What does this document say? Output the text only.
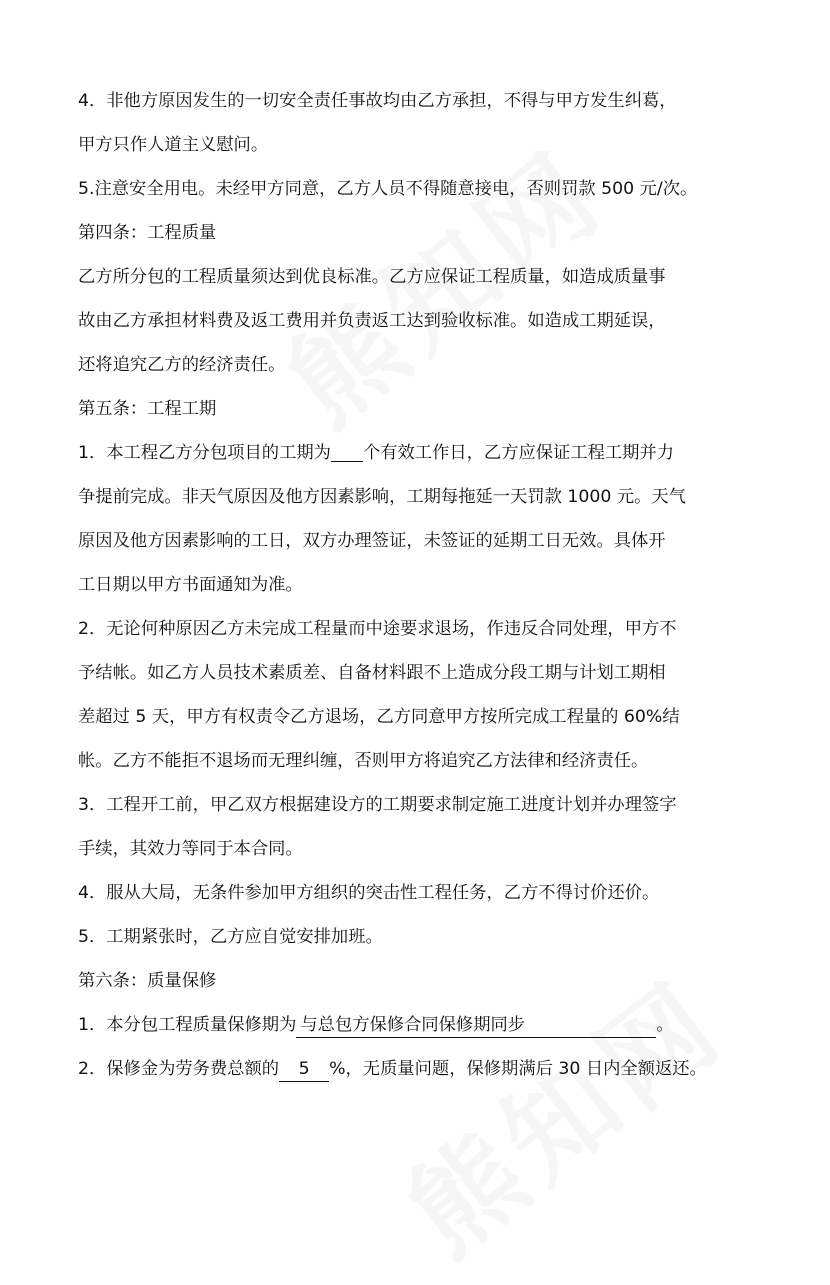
4．非他方原因发生的一切安全责任事故均由乙方承担，不得与甲方发生纠葛，
甲方只作人道主义慰问。
5.注意安全用电。未经甲方同意，乙方人员不得随意接电，否则罚款 500 元/次。
第四条：工程质量
乙方所分包的工程质量须达到优良标准。乙方应保证工程质量，如造成质量事
故由乙方承担材料费及返工费用并负责返工达到验收标准。如造成工期延误，
还将追究乙方的经济责任。
第五条：工程工期
1．本工程乙方分包项目的工期为 个有效工作日，乙方应保证工程工期并力
争提前完成。非天气原因及他方因素影响，工期每拖延一天罚款 1000 元。天气
原因及他方因素影响的工日，双方办理签证，未签证的延期工日无效。具体开
工日期以甲方书面通知为准。
2．无论何种原因乙方未完成工程量而中途要求退场，作违反合同处理，甲方不
予结帐。如乙方人员技术素质差、自备材料跟不上造成分段工期与计划工期相
差超过 5 天，甲方有权责令乙方退场，乙方同意甲方按所完成工程量的 60%结
帐。乙方不能拒不退场而无理纠缠，否则甲方将追究乙方法律和经济责任。
3．工程开工前，甲乙双方根据建设方的工期要求制定施工进度计划并办理签字
手续，其效力等同于本合同。
4．服从大局，无条件参加甲方组织的突击性工程任务，乙方不得讨价还价。
5．工期紧张时，乙方应自觉安排加班。
第六条：质量保修
1．本分包工程质量保修期为 与总包方保修合同保修期同步	。
2．保修金为劳务费总额的 5 %，无质量问题，保修期满后 30 日内全额返还。
